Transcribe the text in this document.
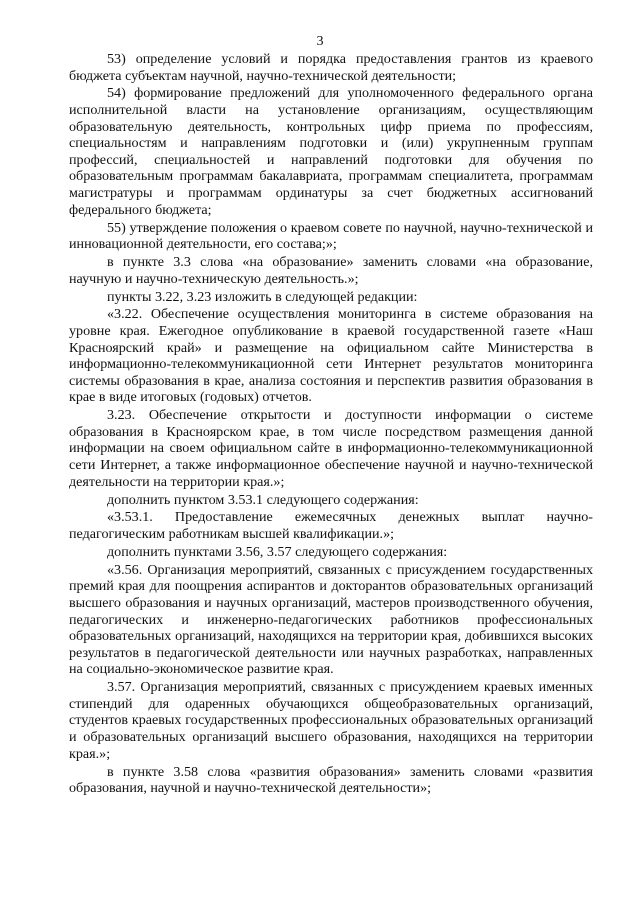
3

53) определение условий и порядка предоставления грантов из краевого бюджета субъектам научной, научно-технической деятельности;

54) формирование предложений для уполномоченного федерального органа исполнительной власти на установление организациям, осуществляющим образовательную деятельность, контрольных цифр приема по профессиям, специальностям и направлениям подготовки и (или) укрупненным группам профессий, специальностей и направлений подготовки для обучения по образовательным программам бакалавриата, программам специалитета, программам магистратуры и программам ординатуры за счет бюджетных ассигнований федерального бюджета;

55) утверждение положения о краевом совете по научной, научно-технической и инновационной деятельности, его состава;»;

в пункте 3.3 слова «на образование» заменить словами «на образование, научную и научно-техническую деятельность.»;

пункты 3.22, 3.23 изложить в следующей редакции:

«3.22. Обеспечение осуществления мониторинга в системе образования на уровне края. Ежегодное опубликование в краевой государственной газете «Наш Красноярский край» и размещение на официальном сайте Министерства в информационно-телекоммуникационной сети Интернет результатов мониторинга системы образования в крае, анализа состояния и перспектив развития образования в крае в виде итоговых (годовых) отчетов.

3.23. Обеспечение открытости и доступности информации о системе образования в Красноярском крае, в том числе посредством размещения данной информации на своем официальном сайте в информационно-телекоммуникационной сети Интернет, а также информационное обеспечение научной и научно-технической деятельности на территории края.»;

дополнить пунктом 3.53.1 следующего содержания:

«3.53.1. Предоставление ежемесячных денежных выплат научно-педагогическим работникам высшей квалификации.»;

дополнить пунктами 3.56, 3.57 следующего содержания:

«3.56. Организация мероприятий, связанных с присуждением государственных премий края для поощрения аспирантов и докторантов образовательных организаций высшего образования и научных организаций, мастеров производственного обучения, педагогических и инженерно-педагогических работников профессиональных образовательных организаций, находящихся на территории края, добившихся высоких результатов в педагогической деятельности или научных разработках, направленных на социально-экономическое развитие края.

3.57. Организация мероприятий, связанных с присуждением краевых именных стипендий для одаренных обучающихся общеобразовательных организаций, студентов краевых государственных профессиональных образовательных организаций и образовательных организаций высшего образования, находящихся на территории края.»;

в пункте 3.58 слова «развития образования» заменить словами «развития образования, научной и научно-технической деятельности»;
